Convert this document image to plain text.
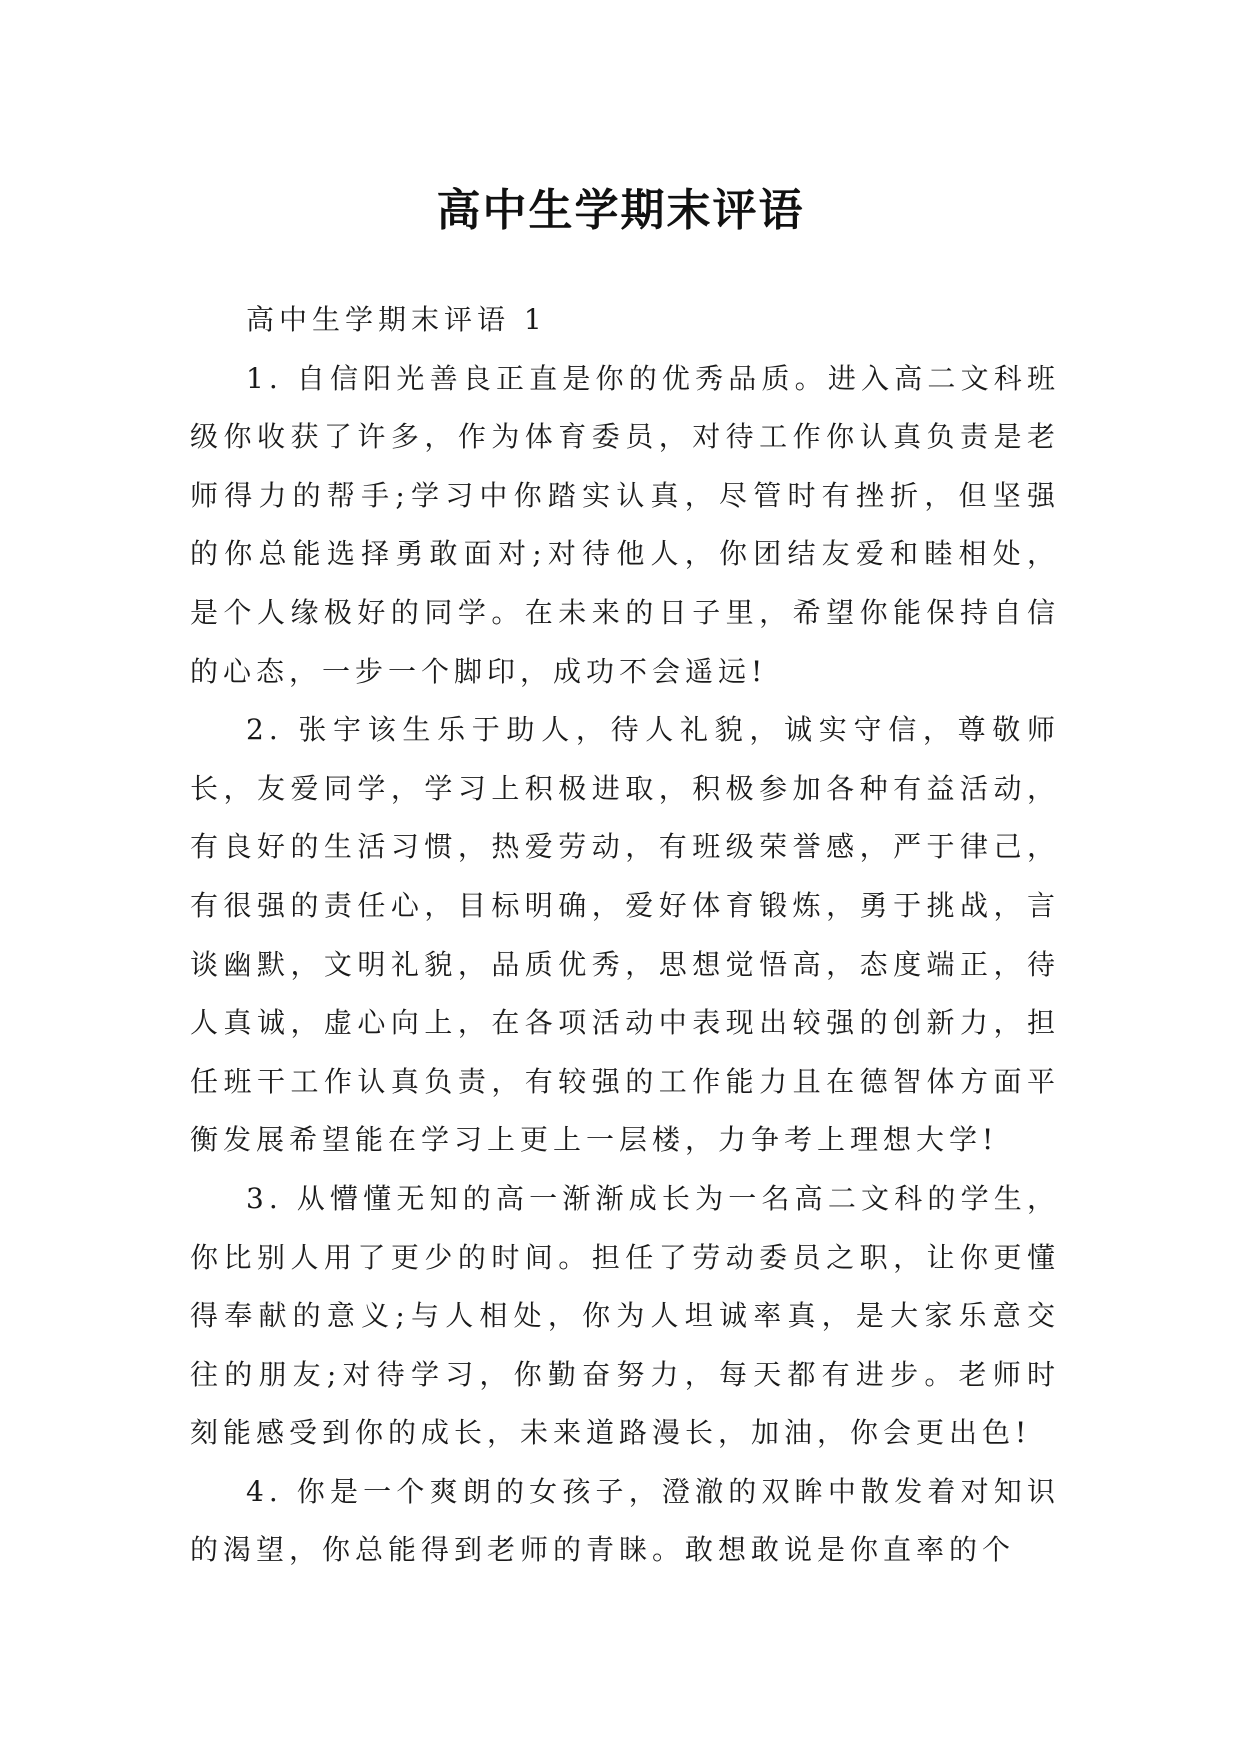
高中生学期末评语

高中生学期末评语 1

1. 自信阳光善良正直是你的优秀品质。进入高二文科班级你收获了许多，作为体育委员，对待工作你认真负责是老师得力的帮手;学习中你踏实认真，尽管时有挫折，但坚强的你总能选择勇敢面对;对待他人，你团结友爱和睦相处，是个人缘极好的同学。在未来的日子里，希望你能保持自信的心态，一步一个脚印，成功不会遥远!

2. 张宇该生乐于助人，待人礼貌，诚实守信，尊敬师长，友爱同学，学习上积极进取，积极参加各种有益活动，有良好的生活习惯，热爱劳动，有班级荣誉感，严于律己，有很强的责任心，目标明确，爱好体育锻炼，勇于挑战，言谈幽默，文明礼貌，品质优秀，思想觉悟高，态度端正，待人真诚，虚心向上，在各项活动中表现出较强的创新力，担任班干工作认真负责，有较强的工作能力且在德智体方面平衡发展希望能在学习上更上一层楼，力争考上理想大学!

3. 从懵懂无知的高一渐渐成长为一名高二文科的学生，你比别人用了更少的时间。担任了劳动委员之职，让你更懂得奉献的意义;与人相处，你为人坦诚率真，是大家乐意交往的朋友;对待学习，你勤奋努力，每天都有进步。老师时刻能感受到你的成长，未来道路漫长，加油，你会更出色!

4. 你是一个爽朗的女孩子，澄澈的双眸中散发着对知识的渴望，你总能得到老师的青睐。敢想敢说是你直率的个
